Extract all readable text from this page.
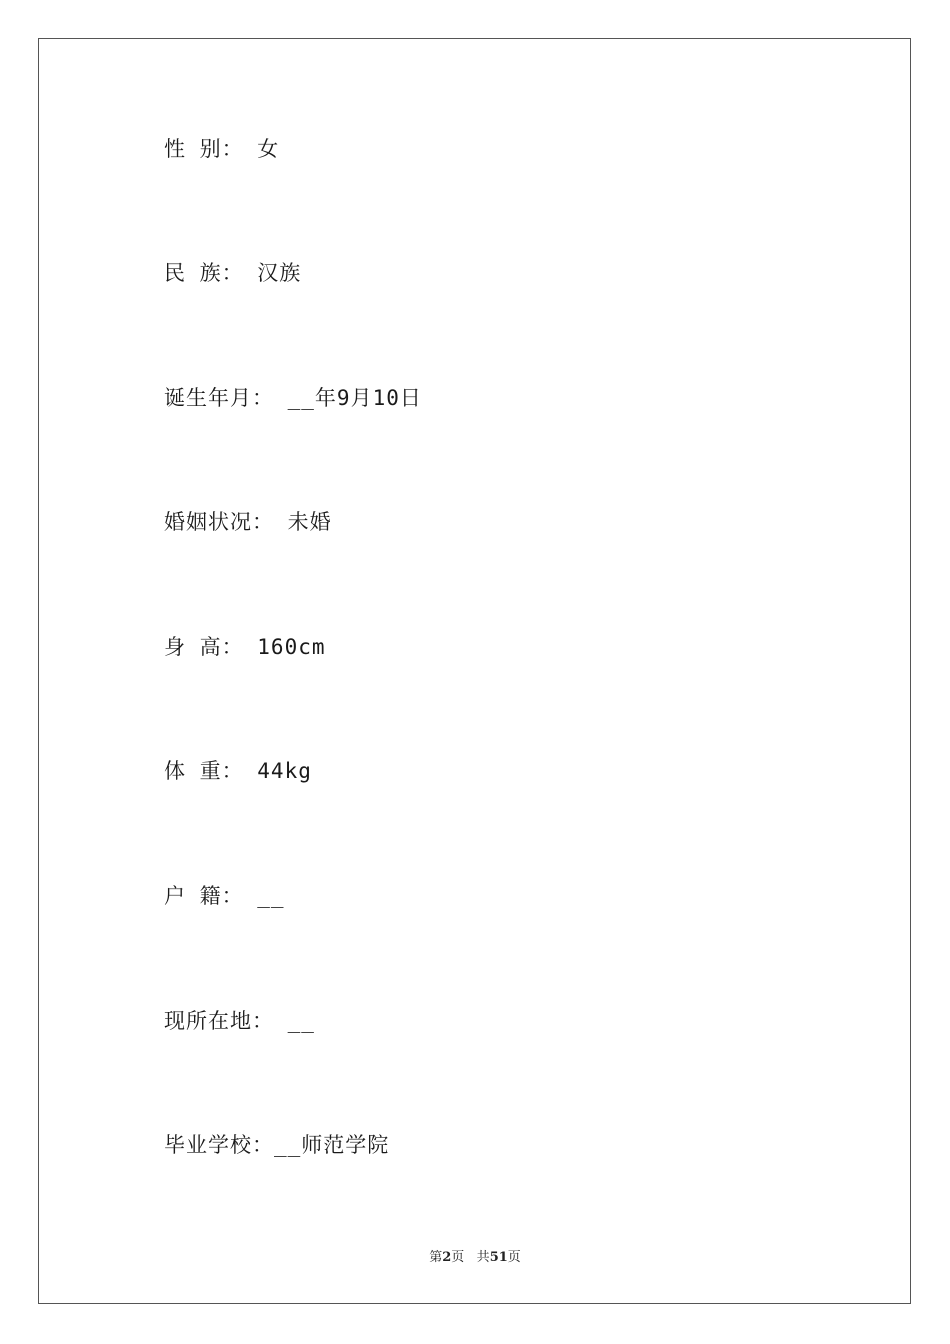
性 别： 女
民 族： 汉族
诞生年月： __年9月10日
婚姻状况： 未婚
身 高： 160cm
体 重： 44kg
户 籍： __
现所在地： __
毕业学校：__师范学院
第2页 共51页
